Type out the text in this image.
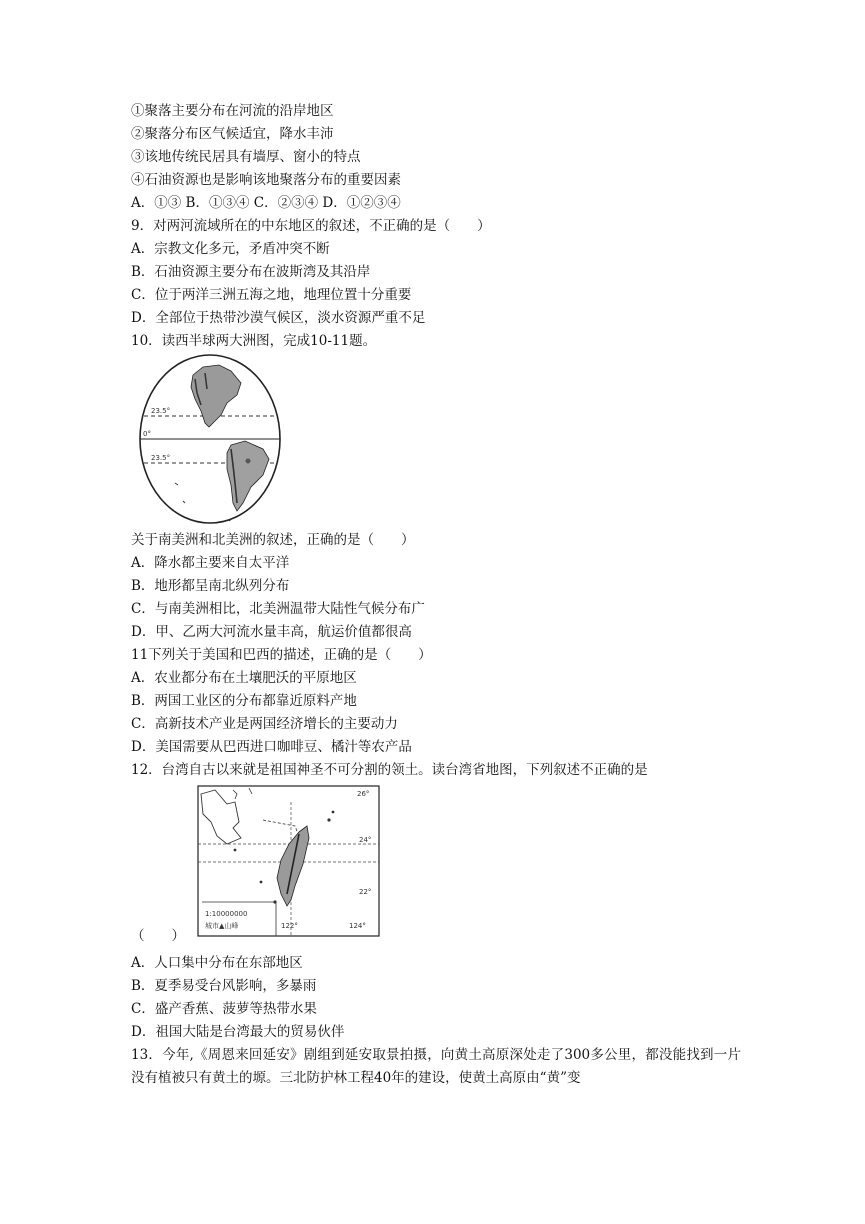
①聚落主要分布在河流的沿岸地区
②聚落分布区气候适宜，降水丰沛
③该地传统民居具有墙厚、窗小的特点
④石油资源也是影响该地聚落分布的重要因素
A．①③ B．①③④ C．②③④ D．①②③④
9．对两河流域所在的中东地区的叙述，不正确的是（　　）
A．宗教文化多元，矛盾冲突不断
B．石油资源主要分布在波斯湾及其沿岸
C．位于两洋三洲五海之地，地理位置十分重要
D．全部位于热带沙漠气候区，淡水资源严重不足
10．读西半球两大洲图，完成10-11题。
23.5°
0°
23.5°
关于南美洲和北美洲的叙述，正确的是（　　）
A．降水都主要来自太平洋
B．地形都呈南北纵列分布
C．与南美洲相比，北美洲温带大陆性气候分布广
D．甲、乙两大河流水量丰高，航运价值都很高
11下列关于美国和巴西的描述，正确的是（　　）
A．农业都分布在土壤肥沃的平原地区
B．两国工业区的分布都靠近原料产地
C．高新技术产业是两国经济增长的主要动力
D．美国需要从巴西进口咖啡豆、橘汁等农产品
12．台湾自古以来就是祖国神圣不可分割的领土。读台湾省地图，下列叙述不正确的是
26°
24°
22°
122°	124°
1:10000000
城市▲山峰
（　　）
A．人口集中分布在东部地区
B．夏季易受台风影响，多暴雨
C．盛产香蕉、菠萝等热带水果
D．祖国大陆是台湾最大的贸易伙伴
13．今年,《周恩来回延安》剧组到延安取景拍摄，向黄土高原深处走了300多公里，都没能找到一片没有植被只有黄土的塬。三北防护林工程40年的建设，使黄土高原由“黄”变
